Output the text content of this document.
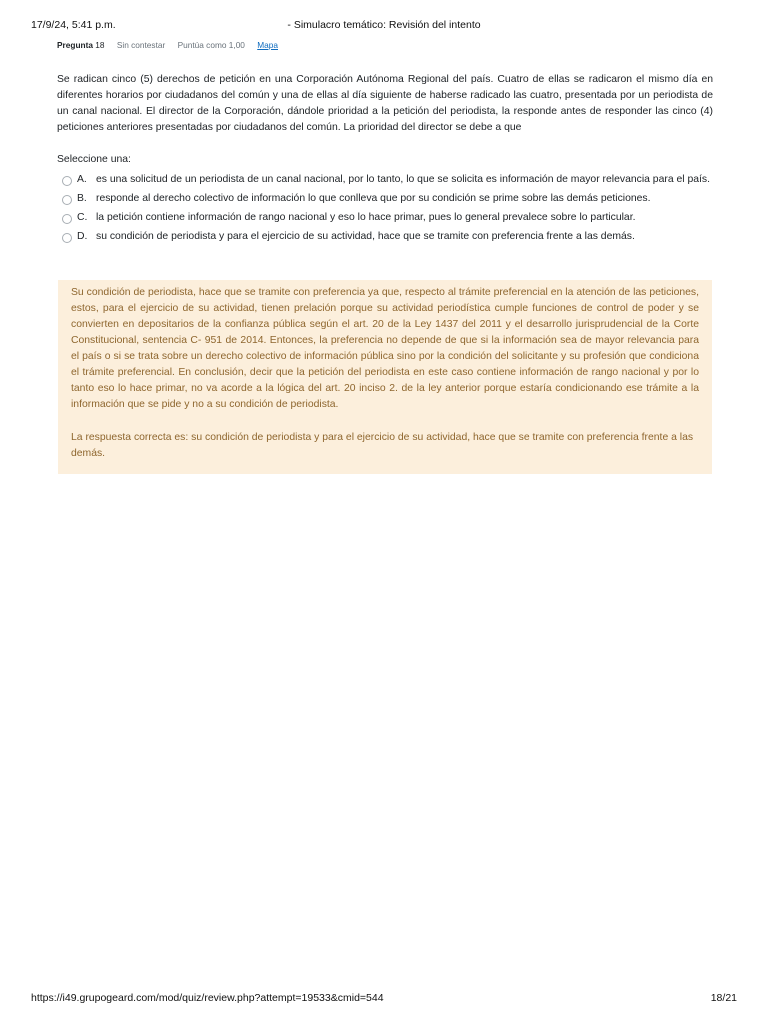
17/9/24, 5:41 p.m.	- Simulacro temático: Revisión del intento
Pregunta 18 Sin contestar Puntúa como 1,00 Mapa
Se radican cinco (5) derechos de petición en una Corporación Autónoma Regional del país. Cuatro de ellas se radicaron el mismo día en diferentes horarios por ciudadanos del común y una de ellas al día siguiente de haberse radicado las cuatro, presentada por un periodista de un canal nacional. El director de la Corporación, dándole prioridad a la petición del periodista, la responde antes de responder las cinco (4) peticiones anteriores presentadas por ciudadanos del común. La prioridad del director se debe a que
Seleccione una:
A. es una solicitud de un periodista de un canal nacional, por lo tanto, lo que se solicita es información de mayor relevancia para el país.
B. responde al derecho colectivo de información lo que conlleva que por su condición se prime sobre las demás peticiones.
C. la petición contiene información de rango nacional y eso lo hace primar, pues lo general prevalece sobre lo particular.
D. su condición de periodista y para el ejercicio de su actividad, hace que se tramite con preferencia frente a las demás.

Su condición de periodista, hace que se tramite con preferencia ya que, respecto al trámite preferencial en la atención de las peticiones, estos, para el ejercicio de su actividad, tienen prelación porque su actividad periodística cumple funciones de control de poder y se convierten en depositarios de la confianza pública según el art. 20 de la Ley 1437 del 2011 y el desarrollo jurisprudencial de la Corte Constitucional, sentencia C- 951 de 2014. Entonces, la preferencia no depende de que si la información sea de mayor relevancia para el país o si se trata sobre un derecho colectivo de información pública sino por la condición del solicitante y su profesión que condiciona el trámite preferencial. En conclusión, decir que la petición del periodista en este caso contiene información de rango nacional y por lo tanto eso lo hace primar, no va acorde a la lógica del art. 20 inciso 2. de la ley anterior porque estaría condicionando ese trámite a la información que se pide y no a su condición de periodista.

La respuesta correcta es: su condición de periodista y para el ejercicio de su actividad, hace que se tramite con preferencia frente a las demás.

https://i49.grupogeard.com/mod/quiz/review.php?attempt=19533&cmid=544	18/21
